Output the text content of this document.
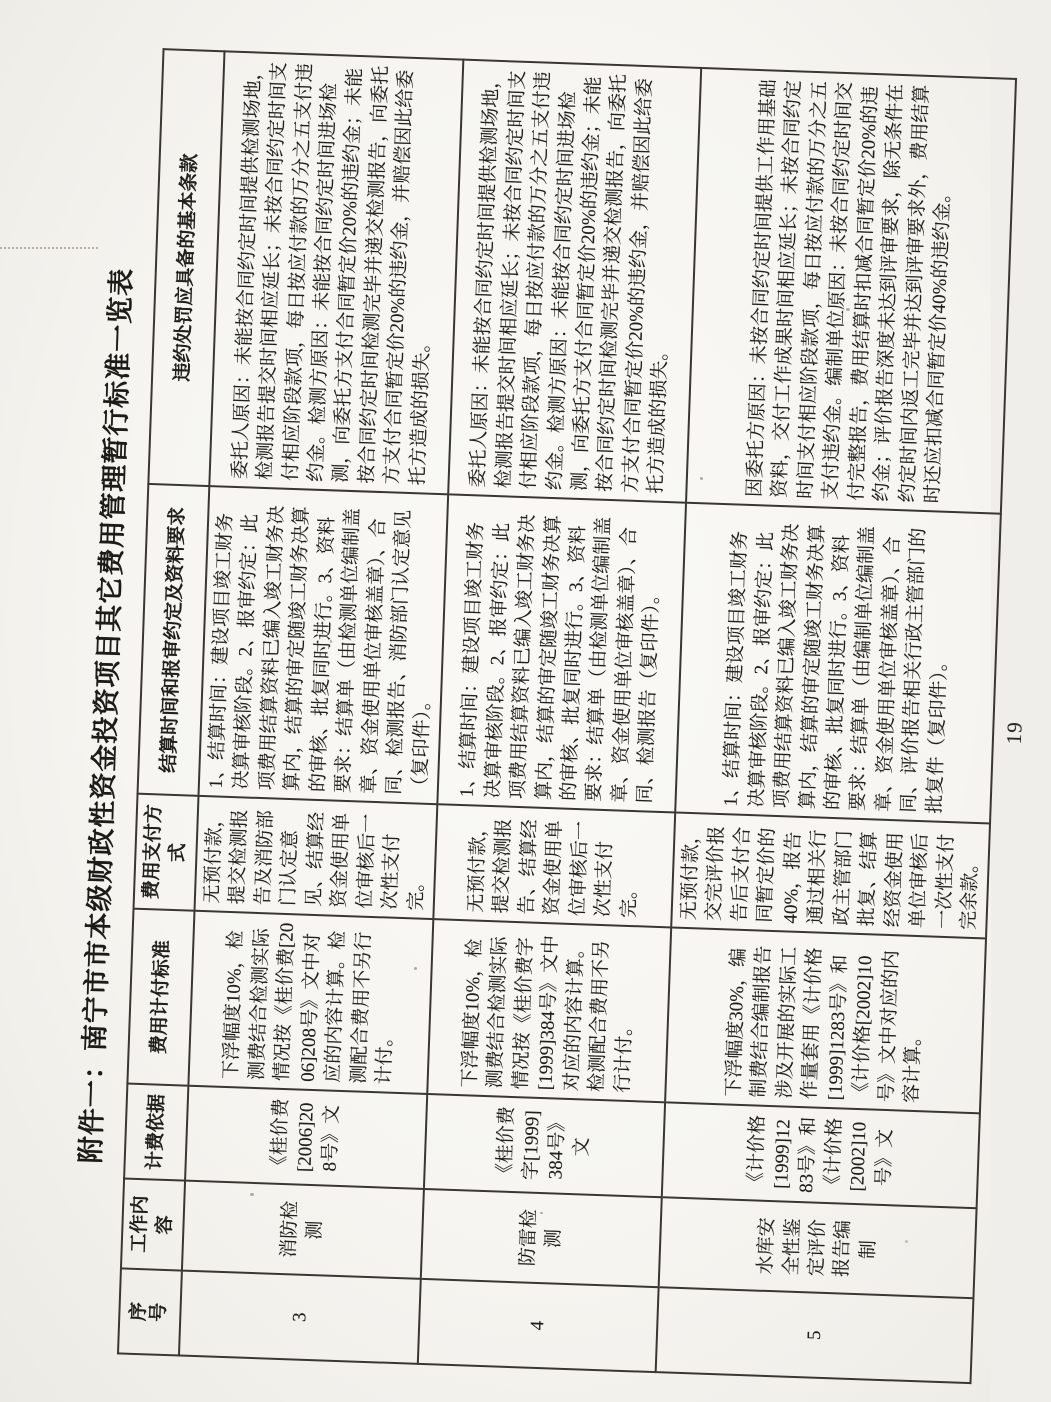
附件一：南宁市市本级财政性资金投资项目其它费用管理暂行标准一览表
序号	工作内容	计费依据	费用计付标准	费用支付方式	结算时间和报审约定及资料要求	违约处罚应具备的基本条款
3	消防检测	《桂价费[2006]208号》文	下浮幅度10%，检测费结合检测实际情况按《桂价费[2006]208号》文中对应的内容计算。检测配合费用不另行计付。	无预付款，提交检测报告及消防部门认定意见、结算经资金使用单位审核后一次性支付完。	1、结算时间：建设项目竣工财务决算审核阶段。2、报审约定：此项费用结算资料已编入竣工财务决算内，结算的审定随竣工财务决算的审核、批复同时进行。3、资料要求：结算单（由检测单位编制盖章、资金使用单位审核盖章）、合同、检测报告、消防部门认定意见（复印件）。	委托人原因：未能按合同约定时间提供检测场地，检测报告提交时间相应延长；未按合同约定时间支付相应阶段款项，每日按应付款的万分之五支付违约金。检测方原因：未能按合同约定时间进场检测，向委托方支付合同暂定价20%的违约金；未能按合同约定时间检测完毕并递交检测报告，向委托方支付合同暂定价20%的违约金，并赔偿因此给委托方造成的损失。
4	防雷检测	《桂价费字[1999]384号》文	下浮幅度10%，检测费结合检测实际情况按《桂价费字[1999]384号》文中对应的内容计算。检测配合费用不另行计付。	无预付款，提交检测报告、结算经资金使用单位审核后一次性支付完。	1、结算时间：建设项目竣工财务决算审核阶段。2、报审约定：此项费用结算资料已编入竣工财务决算内，结算的审定随竣工财务决算的审核、批复同时进行。3、资料要求：结算单（由检测单位编制盖章、资金使用单位审核盖章）、合同、检测报告（复印件）。	委托人原因：未能按合同约定时间提供检测场地，检测报告提交时间相应延长；未按合同约定时间支付相应阶段款项，每日按应付款的万分之五支付违约金。检测方原因：未能按合同约定时间进场检测，向委托方支付合同暂定价20%的违约金；未能按合同约定时间检测完毕并递交检测报告，向委托方支付合同暂定价20%的违约金，并赔偿因此给委托方造成的损失。
5	水库安全性鉴定评价报告编制	《计价格[1999]1283号》和《计价格[2002]10号》文	下浮幅度30%，编制费结合编制报告涉及开展的实际工作量套用《计价格[1999]1283号》和《计价格[2002]10号》文中对应的内容计算。	无预付款，交完评价报告后支付合同暂定价的40%，报告通过相关行政主管部门批复、结算经资金使用单位审核后一次性支付完余款。	1、结算时间：建设项目竣工财务决算审核阶段。2、报审约定：此项费用结算资料已编入竣工财务决算内，结算的审定随竣工财务决算的审核、批复同时进行。3、资料要求：结算单（由编制单位编制盖章、资金使用单位审核盖章）、合同、评价报告相关行政主管部门的批复件（复印件）。	因委托方原因：未按合同约定时间提供工作用基础资料，交付工作成果时间相应延长；未按合同约定时间支付相应阶段款项，每日按应付款的万分之五支付违约金。编制单位原因：未按合同约定时间交付完整报告，费用结算时扣减合同暂定价20%的违约金；评价报告深度未达到评审要求，除无条件在约定时间内返工完毕并达到评审要求外，费用结算时还应扣减合同暂定价40%的违约金。
19
